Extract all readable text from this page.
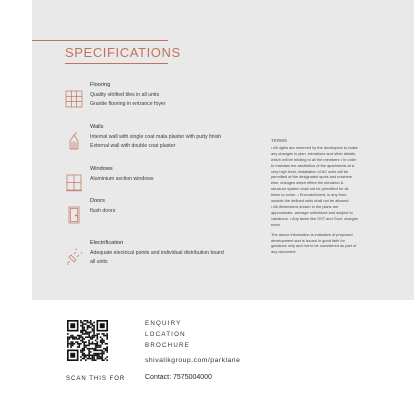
SPECIFICATIONS
Flooring
Quality vitrified tiles in all units
Granite flooring in entrance foyer
Walls
Internal wall with single coat mala plaster with putty finish
External wall with double coat plaster
Windows
Aluminium section windows
Doors
flush doors
Electrification
Adequate electrical points and individual distribution board
all units
TERMS

• All rights are reserved by the developers to make
any changes in plan, elevations and other details
which will be binding to all the members • In order
to maintain the aesthetics of the apartments at a
very high level, installation of AC units will be
permitted at the designated spots and nowhere
else, changes which effect the elevation &
structure system shall not be permitted for all
times to come. • Encroachment, in any form,
outside the defined units shall not be allowed.
• All dimensions shown in the plans are
approximate, average unfinished and subject to
variations. • Any taxes like GST and Govt. charges
extra.

The above information is indicative of proposed
development and is issued in good faith for
guidance only and not to be considered as part of
any document.

SCAN THIS FOR
ENQUIRY
LOCATION
BROCHURE
shivalikgroup.com/parklane
Contact: 7575004000
